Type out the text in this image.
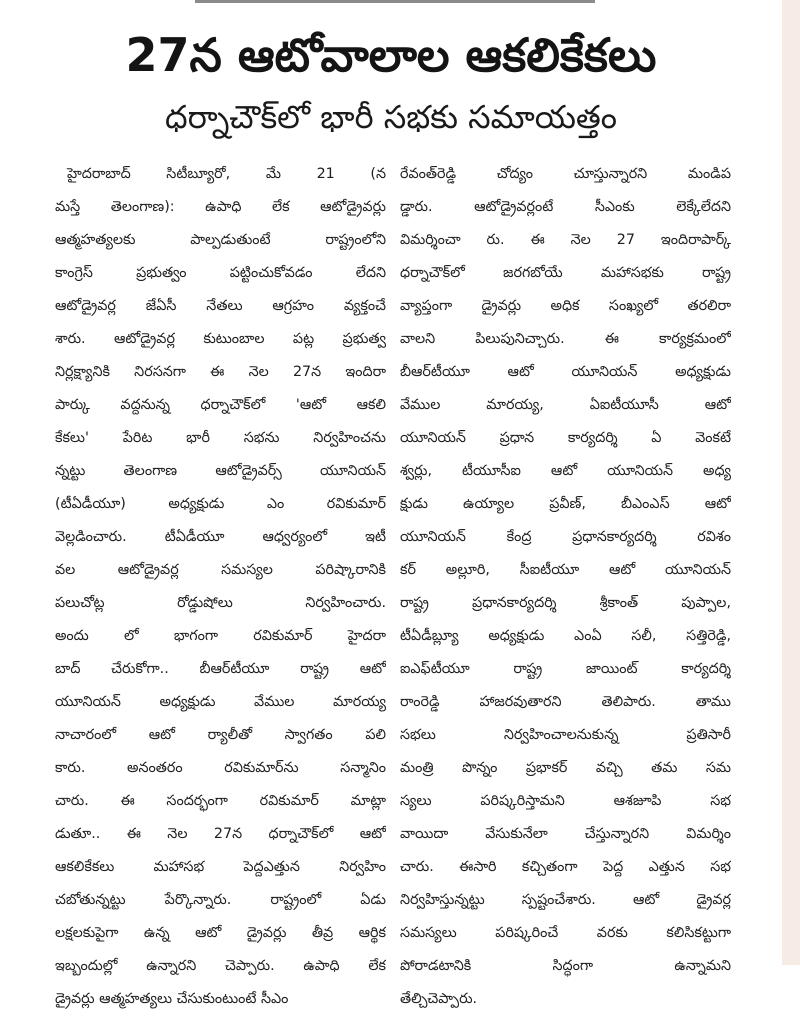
27న ఆటోవాలాల ఆకలికేకలు
ధర్నాచౌక్‌లో భారీ సభకు సమాయత్తం
హైదరాబాద్‌ సిటీబ్యూరో, మే 21 (న
మస్తే తెలంగాణ): ఉపాధి లేక ఆటోడ్రైవర్లు
ఆత్మహత్యలకు పాల్పడుతుంటే రాష్ట్రంలోని
కాంగ్రెస్‌ ప్రభుత్వం పట్టించుకోవడం లేదని
ఆటోడ్రైవర్ల జేఏసీ నేతలు ఆగ్రహం వ్యక్తంచే
శారు. ఆటోడ్రైవర్ల కుటుంబాల పట్ల ప్రభుత్వ
నిర్లక్ష్యానికి నిరసనగా ఈ నెల 27న ఇందిరా
పార్కు వద్దనున్న ధర్నాచౌక్‌లో 'ఆటో ఆకలి
కేకలు' పేరిట భారీ సభను నిర్వహించను
న్నట్టు తెలంగాణ ఆటోడ్రైవర్స్‌ యూనియన్‌
(టీఏడీయూ) అధ్యక్షుడు ఎం రవికుమార్‌
వెల్లడించారు. టీఏడీయూ ఆధ్వర్యంలో ఇటీ
వల ఆటోడ్రైవర్ల సమస్యల పరిష్కారానికి
పలుచోట్ల రోడ్డుషోలు నిర్వహించారు.
అందు లో భాగంగా రవికుమార్‌ హైదరా
బాద్‌ చేరుకోగా.. బీఆర్‌టీయూ రాష్ట్ర ఆటో
యూనియన్‌ అధ్యక్షుడు వేముల మారయ్య
నాచారంలో ఆటో ర్యాలీతో స్వాగతం పలి
కారు. అనంతరం రవికుమార్‌ను సన్మానిం
చారు. ఈ సందర్భంగా రవికుమార్‌ మాట్లా
డుతూ.. ఈ నెల 27న ధర్నాచౌక్‌లో ఆటో
ఆకలికేకలు మహాసభ పెద్దఎత్తున నిర్వహిం
చబోతున్నట్టు పేర్కొన్నారు. రాష్ట్రంలో ఏడు
లక్షలకుపైగా ఉన్న ఆటో డ్రైవర్లు తీవ్ర ఆర్థిక
ఇబ్బందుల్లో ఉన్నారని చెప్పారు. ఉపాధి లేక
డ్రైవర్లు ఆత్మహత్యలు చేసుకుంటుంటే సీఎం
రేవంత్‌రెడ్డి చోద్యం చూస్తున్నారని మండిప
డ్డారు. ఆటోడ్రైవర్లంటే సీఎంకు లెక్కేలేదని
విమర్శించా రు. ఈ నెల 27 ఇందిరాపార్క్‌
ధర్నాచౌక్‌లో జరగబోయే మహాసభకు రాష్ట్ర
వ్యాప్తంగా డ్రైవర్లు అధిక సంఖ్యలో తరలిరా
వాలని పిలుపునిచ్చారు. ఈ కార్యక్రమంలో
బీఆర్‌టీయూ ఆటో యూనియన్‌ అధ్యక్షుడు
వేముల మారయ్య, ఏఐటీయూసీ ఆటో
యూనియన్‌ ప్రధాన కార్యదర్శి ఏ వెంకటే
శ్వర్లు, టీయూసీఐ ఆటో యూనియన్‌ అధ్య
క్షుడు ఉయ్యాల ప్రవీణ్‌, బీఎంఎస్‌ ఆటో
యూనియన్‌ కేంద్ర ప్రధానకార్యదర్శి రవిశం
కర్‌ అల్లూరి, సీఐటీయూ ఆటో యూనియన్‌
రాష్ట్ర ప్రధానకార్యదర్శి శ్రీకాంత్‌ పుప్పాల,
టీఏడీబ్ల్యూ అధ్యక్షుడు ఎంఏ సలీ, సత్తిరెడ్డి,
ఐఎఫ్‌టీయూ రాష్ట్ర జాయింట్‌ కార్యదర్శి
రాంరెడ్డి హాజరవుతారని తెలిపారు. తాము
సభలు నిర్వహించాలనుకున్న ప్రతిసారీ
మంత్రి పొన్నం ప్రభాకర్‌ వచ్చి తమ సమ
స్యలు పరిష్కరిస్తామని ఆశజూపి సభ
వాయిదా వేసుకునేలా చేస్తున్నారని విమర్శిం
చారు. ఈసారి కచ్చితంగా పెద్ద ఎత్తున సభ
నిర్వహిస్తున్నట్టు స్పష్టంచేశారు. ఆటో డ్రైవర్ల
సమస్యలు పరిష్కరించే వరకు కలిసికట్టుగా
పోరాడటానికి సిద్ధంగా ఉన్నామని
తేల్చిచెప్పారు.
